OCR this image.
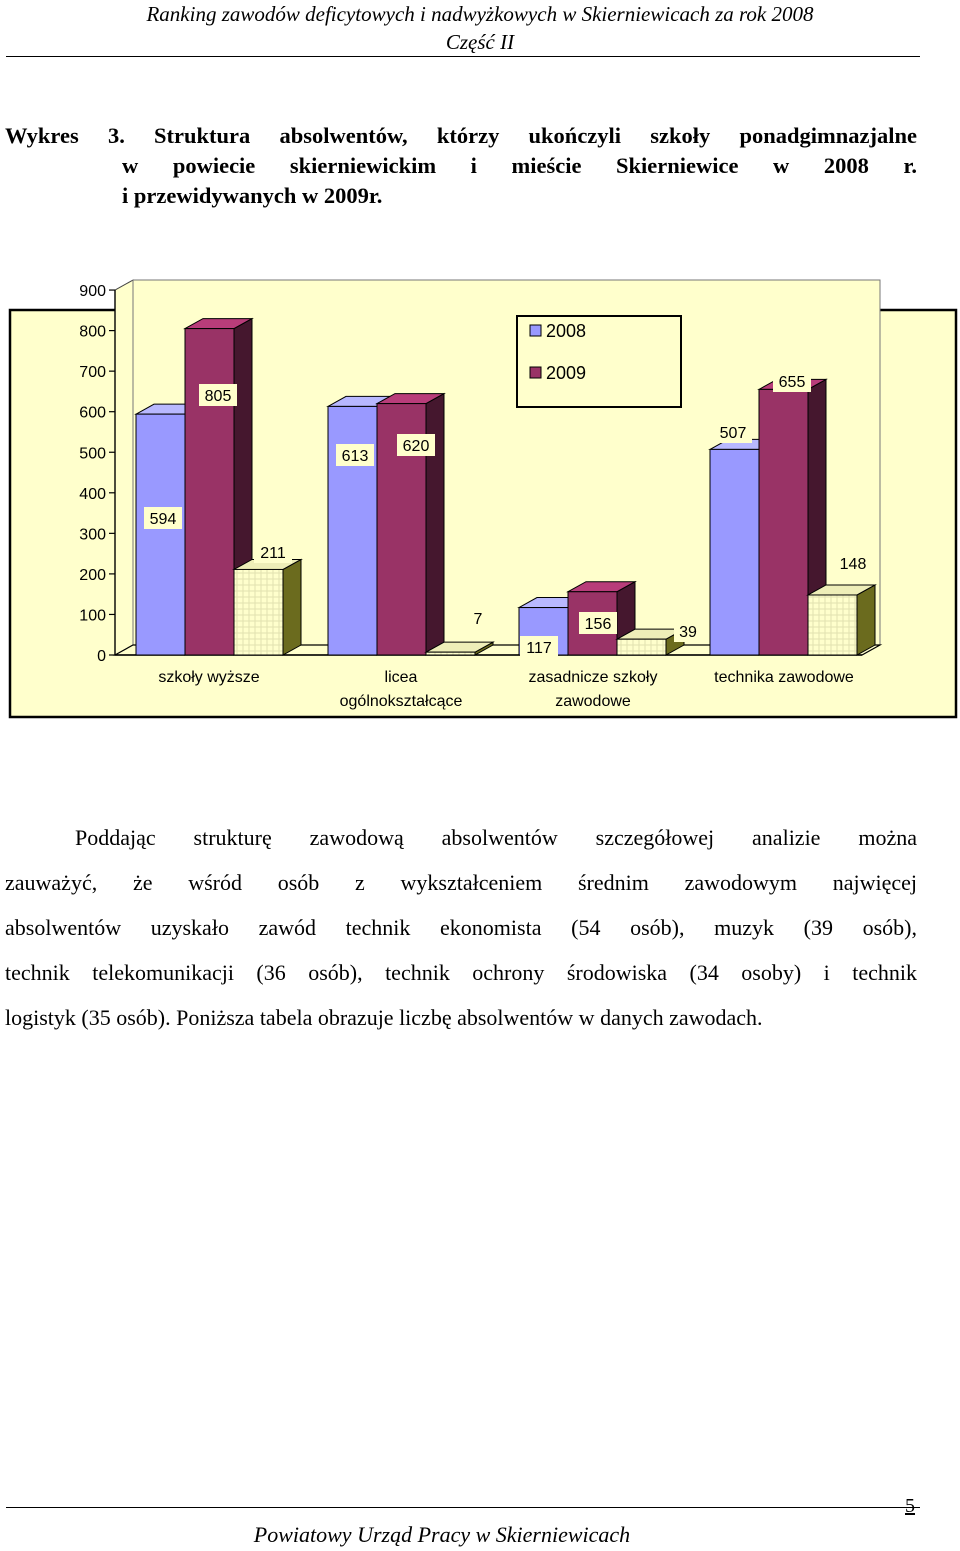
Ranking zawodów deficytowych i nadwyżkowych w Skierniewicach za rok 2008
Część II
Wykres 3. Struktura absolwentów, którzy ukończyli szkoły ponadgimnazjalne
w powiecie skierniewickim i mieście Skierniewice w 2008 r.
i przewidywanych w 2009r.
0
100
200
300
400
500
600
700
800
900
594
613
117
507
805
620
156
655
211
7
39
148
szkoły wyższe	licea
ogólnokształcące
zasadnicze szkoły
zawodowe
technika zawodowe
2008
2009
Poddając strukturę zawodową absolwentów szczegółowej analizie można
zauważyć, że wśród osób z wykształceniem średnim zawodowym najwięcej
absolwentów uzyskało zawód technik ekonomista (54 osób), muzyk (39 osób),
technik telekomunikacji (36 osób), technik ochrony środowiska (34 osoby) i technik
logistyk (35 osób). Poniższa tabela obrazuje liczbę absolwentów w danych zawodach.
5
Powiatowy Urząd Pracy w Skierniewicach
